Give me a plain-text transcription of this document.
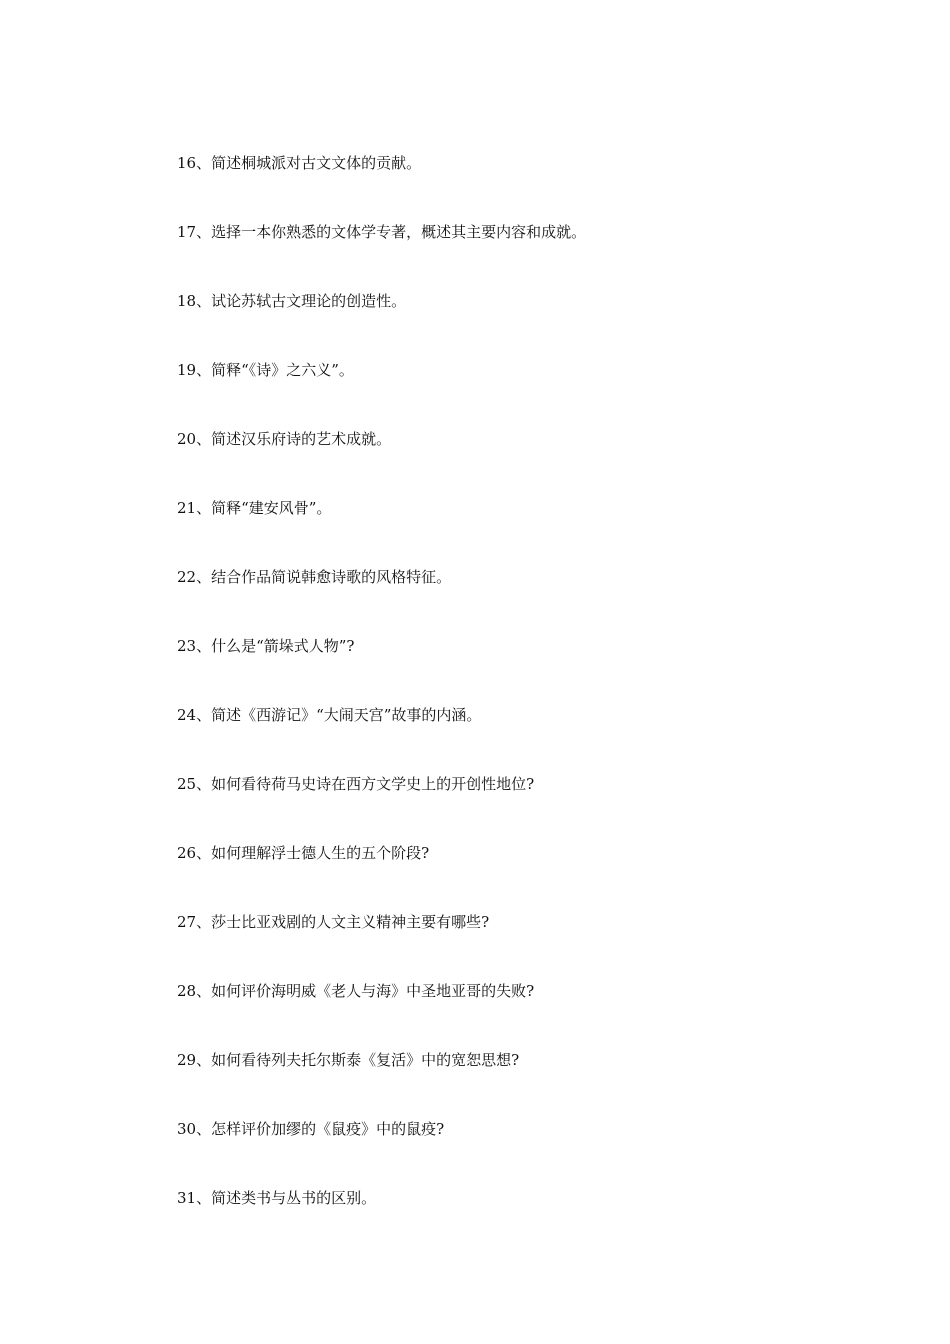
16、简述桐城派对古文文体的贡献。
17、选择一本你熟悉的文体学专著，概述其主要内容和成就。
18、试论苏轼古文理论的创造性。
19、简释“《诗》之六义”。
20、简述汉乐府诗的艺术成就。
21、简释“建安风骨”。
22、结合作品简说韩愈诗歌的风格特征。
23、什么是“箭垛式人物”?
24、简述《西游记》“大闹天宫”故事的内涵。
25、如何看待荷马史诗在西方文学史上的开创性地位?
26、如何理解浮士德人生的五个阶段?
27、莎士比亚戏剧的人文主义精神主要有哪些?
28、如何评价海明威《老人与海》中圣地亚哥的失败?
29、如何看待列夫托尔斯泰《复活》中的宽恕思想?
30、怎样评价加缪的《鼠疫》中的鼠疫?
31、简述类书与丛书的区别。
